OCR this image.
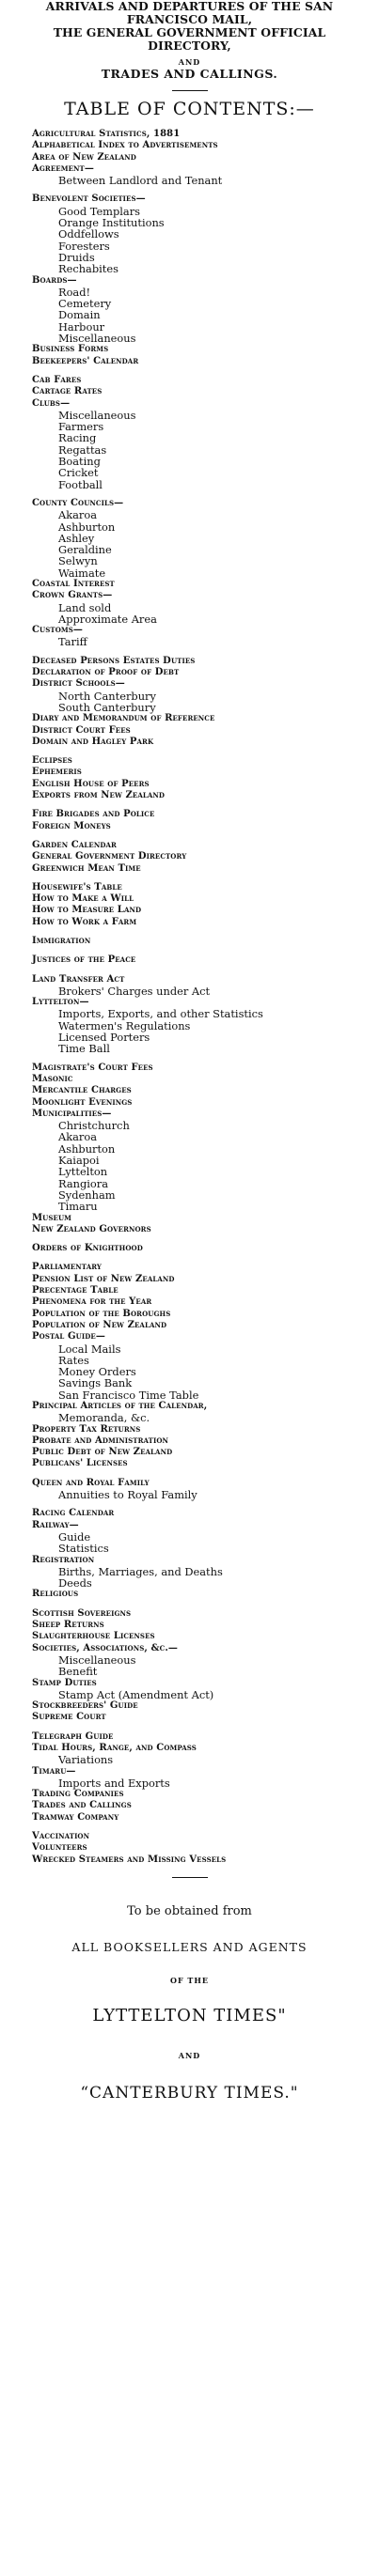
ARRIVALS AND DEPARTURES OF THE SAN
FRANCISCO MAIL,
THE GENERAL GOVERNMENT OFFICIAL
DIRECTORY,
AND
TRADES AND CALLINGS.
TABLE OF CONTENTS:—
Agricultural Statistics, 1881
Alphabetical Index to Advertisements
Area of New Zealand
Agreement—
Between Landlord and Tenant
Benevolent Societies—
Good Templars
Orange Institutions
Oddfellows
Foresters
Druids
Rechabites
Boards—
Road!
Cemetery
Domain
Harbour
Miscellaneous
Business Forms
Beekeepers' Calendar
Cab Fares
Cartage Rates
Clubs—
Miscellaneous
Farmers
Racing
Regattas
Boating
Cricket
Football
County Councils—
Akaroa
Ashburton
Ashley
Geraldine
Selwyn
Waimate
Coastal Interest
Crown Grants—
Land sold
Approximate Area
Customs—
Tariff
Deceased Persons Estates Duties
Declaration of Proof of Debt
District Schools—
North Canterbury
South Canterbury
Diary and Memorandum of Reference
District Court Fees
Domain and Hagley Park
Eclipses
Ephemeris
English House of Peers
Exports from New Zealand
Fire Brigades and Police
Foreign Moneys
Garden Calendar
General Government Directory
Greenwich Mean Time
Housewife's Table
How to Make a Will
How to Measure Land
How to Work a Farm
Immigration
Justices of the Peace
Land Transfer Act
Brokers' Charges under Act
Lyttelton—
Imports, Exports, and other Statistics
Watermen's Regulations
Licensed Porters
Time Ball
Magistrate's Court Fees
Masonic
Mercantile Charges
Moonlight Evenings
Municipalities—
Christchurch
Akaroa
Ashburton
Kaiapoi
Lyttelton
Rangiora
Sydenham
Timaru
Museum
New Zealand Governors
Orders of Knighthood
Parliamentary
Pension List of New Zealand
Precentage Table
Phenomena for the Year
Population of the Boroughs
Population of New Zealand
Postal Guide—
Local Mails
Rates
Money Orders
Savings Bank
San Francisco Time Table
Principal Articles of the Calendar,
Memoranda, &c.
Property Tax Returns
Probate and Administration
Public Debt of New Zealand
Publicans' Licenses
Queen and Royal Family
Annuities to Royal Family
Racing Calendar
Railway—
Guide
Statistics
Registration
Births, Marriages, and Deaths
Deeds
Religious
Scottish Sovereigns
Sheep Returns
Slaughterhouse Licenses
Societies, Associations, &c.—
Miscellaneous
Benefit
Stamp Duties
Stamp Act (Amendment Act)
Stockbreeders' Guide
Supreme Court
Telegraph Guide
Tidal Hours, Range, and Compass
Variations
Timaru—
Imports and Exports
Trading Companies
Trades and Callings
Tramway Company
Vaccination
Volunteers
Wrecked Steamers and Missing Vessels
To be obtained from
ALL BOOKSELLERS AND AGENTS
OF THE
LYTTELTON TIMES"
AND
“CANTERBURY TIMES."
